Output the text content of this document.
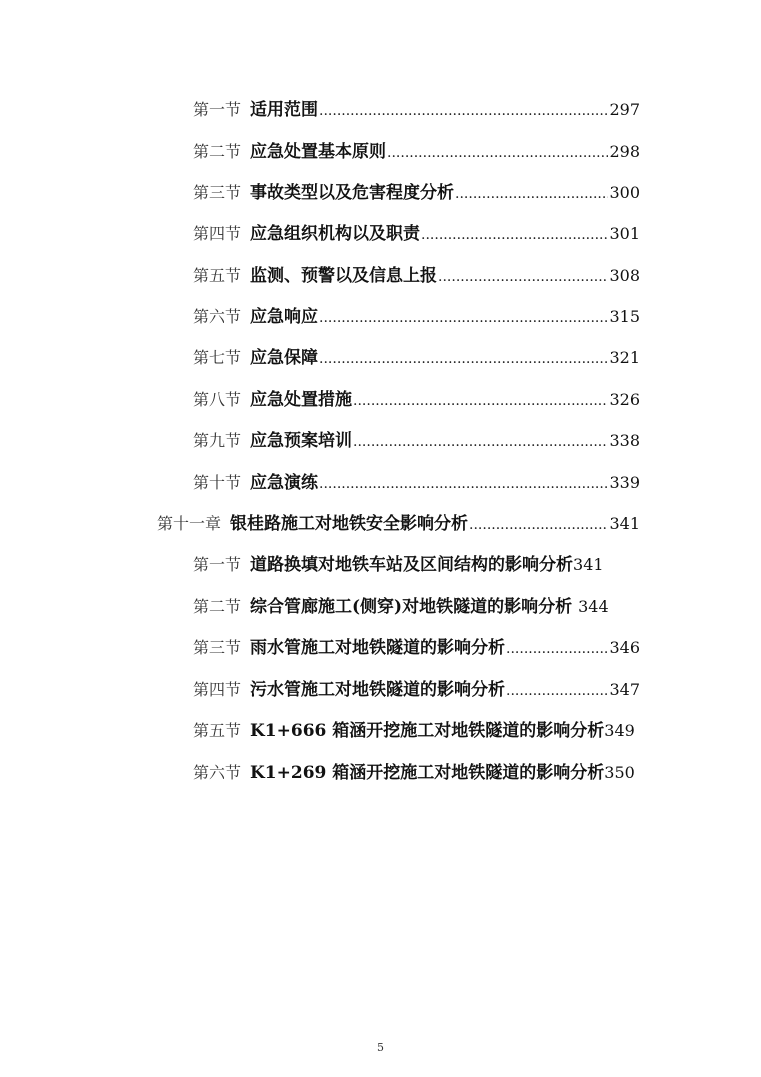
第一节 适用范围 .....	297
第二节 应急处置基本原则 .....	298
第三节 事故类型以及危害程度分析 .....	300
第四节 应急组织机构以及职责 .....	301
第五节 监测、预警以及信息上报 .....	308
第六节 应急响应 .....	315
第七节 应急保障 .....	321
第八节 应急处置措施 .....	326
第九节 应急预案培训 .....	338
第十节 应急演练 .....	339
第十一章 银桂路施工对地铁安全影响分析 .....	341
第一节 道路换填对地铁车站及区间结构的影响分析 341
第二节 综合管廊施工(侧穿)对地铁隧道的影响分析 344
第三节 雨水管施工对地铁隧道的影响分析 .....	346
第四节 污水管施工对地铁隧道的影响分析 .....	347
第五节 K1+666 箱涵开挖施工对地铁隧道的影响分析 349
第六节 K1+269 箱涵开挖施工对地铁隧道的影响分析 350
5
